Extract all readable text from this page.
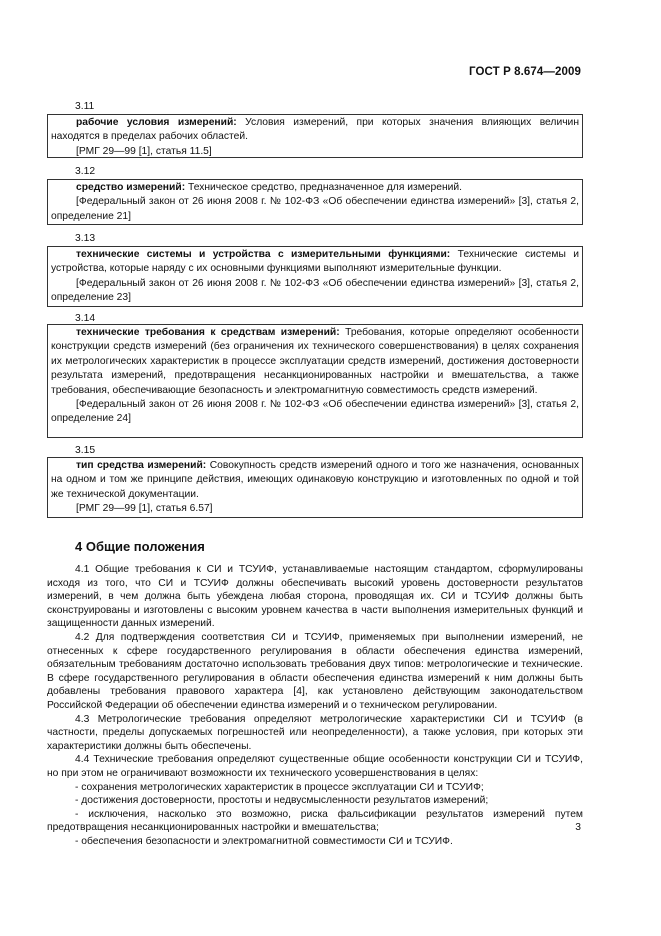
ГОСТ Р 8.674—2009
3.11

рабочие условия измерений: Условия измерений, при которых значения влияющих величин находятся в пределах рабочих областей.

[РМГ 29—99 [1], статья 11.5]

3.12

средство измерений: Техническое средство, предназначенное для измерений.

[Федеральный закон от 26 июня 2008 г. № 102-ФЗ «Об обеспечении единства измерений» [3], статья 2, определение 21]

3.13

технические системы и устройства с измерительными функциями: Технические системы и устройства, которые наряду с их основными функциями выполняют измерительные функции.

[Федеральный закон от 26 июня 2008 г. № 102-ФЗ «Об обеспечении единства измерений» [3], статья 2, определение 23]

3.14

технические требования к средствам измерений: Требования, которые определяют особенности конструкции средств измерений (без ограничения их технического совершенствования) в целях сохранения их метрологических характеристик в процессе эксплуатации средств измерений, достижения достоверности результата измерений, предотвращения несанкционированных настройки и вмешательства, а также требования, обеспечивающие безопасность и электромагнитную совместимость средств измерений.

[Федеральный закон от 26 июня 2008 г. № 102-ФЗ «Об обеспечении единства измерений» [3], статья 2, определение 24]

3.15

тип средства измерений: Совокупность средств измерений одного и того же назначения, основанных на одном и том же принципе действия, имеющих одинаковую конструкцию и изготовленных по одной и той же технической документации.

[РМГ 29—99 [1], статья 6.57]

4 Общие положения

4.1 Общие требования к СИ и ТСУИФ, устанавливаемые настоящим стандартом, сформулированы исходя из того, что СИ и ТСУИФ должны обеспечивать высокий уровень достоверности результатов измерений, в чем должна быть убеждена любая сторона, проводящая их. СИ и ТСУИФ должны быть сконструированы и изготовлены с высоким уровнем качества в части выполнения измерительных функций и защищенности данных измерений.

4.2 Для подтверждения соответствия СИ и ТСУИФ, применяемых при выполнении измерений, не отнесенных к сфере государственного регулирования в области обеспечения единства измерений, обязательным требованиям достаточно использовать требования двух типов: метрологические и технические. В сфере государственного регулирования в области обеспечения единства измерений к ним должны быть добавлены требования правового характера [4], как установлено действующим законодательством Российской Федерации об обеспечении единства измерений и о техническом регулировании.

4.3 Метрологические требования определяют метрологические характеристики СИ и ТСУИФ (в частности, пределы допускаемых погрешностей или неопределенности), а также условия, при которых эти характеристики должны быть обеспечены.

4.4 Технические требования определяют существенные общие особенности конструкции СИ и ТСУИФ, но при этом не ограничивают возможности их технического усовершенствования в целях:

- сохранения метрологических характеристик в процессе эксплуатации СИ и ТСУИФ;

- достижения достоверности, простоты и недвусмысленности результатов измерений;

- исключения, насколько это возможно, риска фальсификации результатов измерений путем предотвращения несанкционированных настройки и вмешательства;

- обеспечения безопасности и электромагнитной совместимости СИ и ТСУИФ.

3
